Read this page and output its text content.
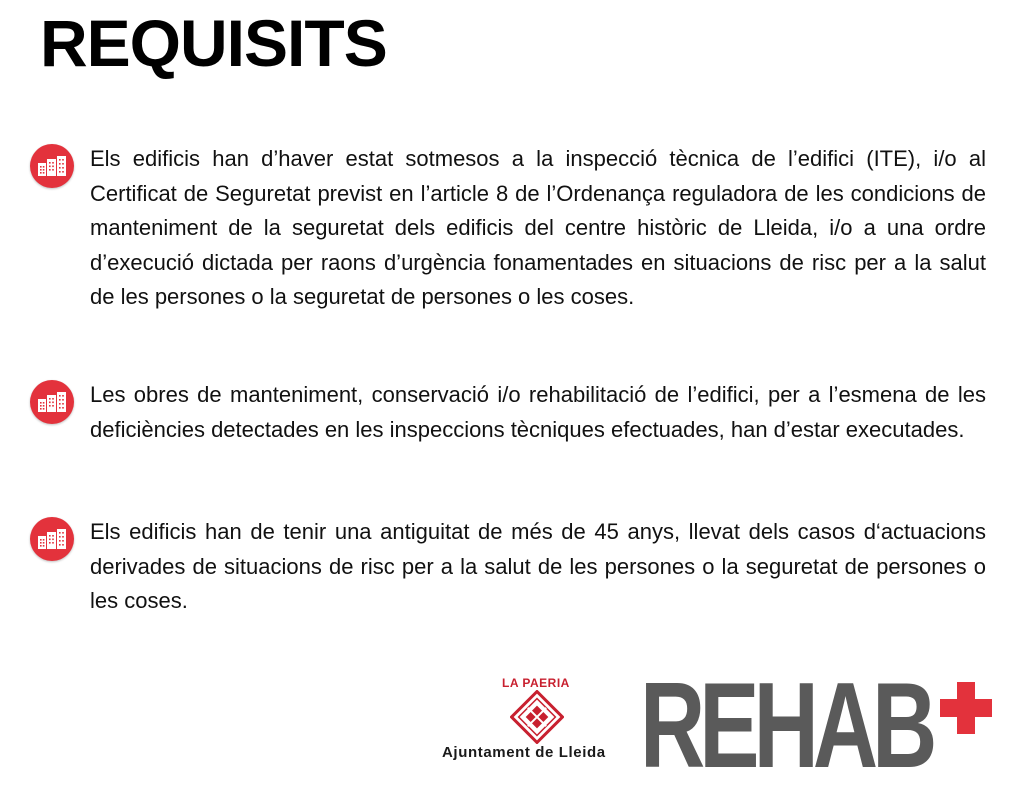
REQUISITS

Els edificis han d’haver estat sotmesos a la inspecció tècnica de l’edifici (ITE), i/o al Certificat de Seguretat previst en l’article 8 de l’Ordenança reguladora de les condicions de manteniment de la seguretat dels edificis del centre històric de Lleida, i/o a una ordre d’execució dictada per raons d’urgència fonamentades en situacions de risc per a la salut de les persones o la seguretat de persones o les coses.

Les obres de manteniment, conservació i/o rehabilitació de l’edifici, per a l’esmena de les deficiències detectades en les inspeccions tècniques efectuades, han d’estar executades.

Els edificis han de tenir una antiguitat de més de 45 anys, llevat dels casos d‘actuacions derivades de situacions de risc per a la salut de les persones o la seguretat de persones o les coses.

LA PAERIA
Ajuntament de Lleida REHAB
